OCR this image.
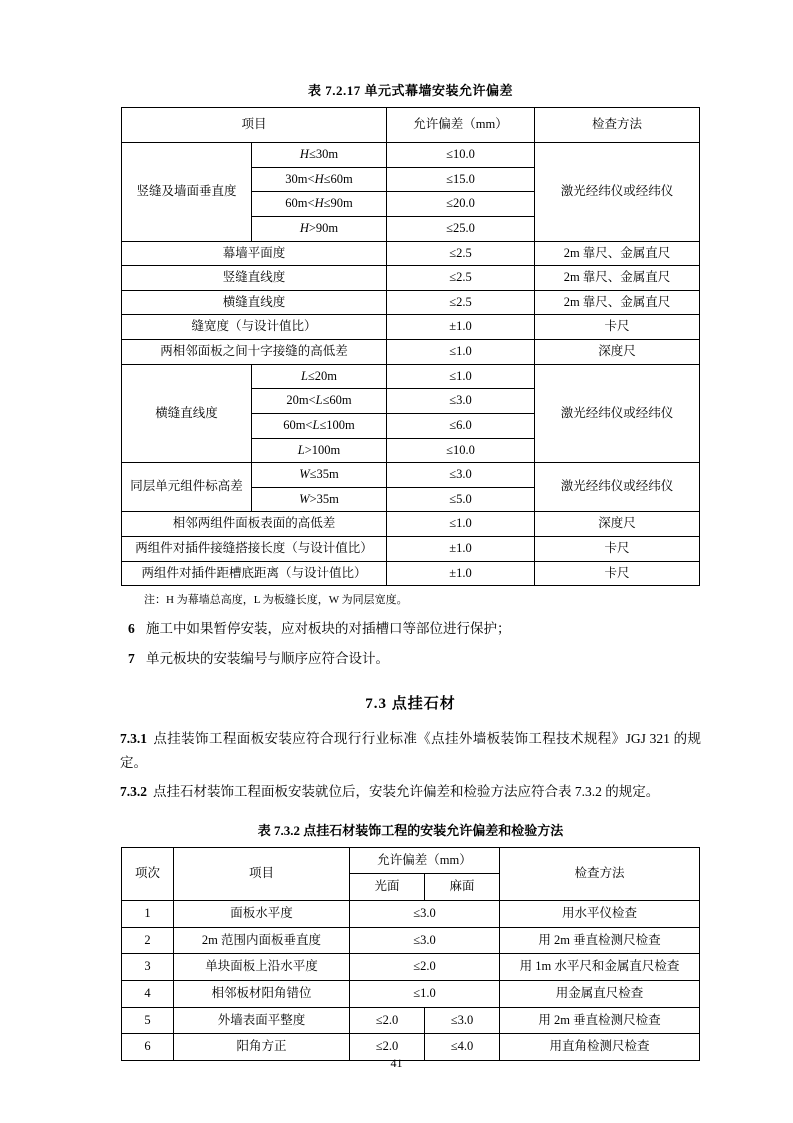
表 7.2.17 单元式幕墙安装允许偏差
项目		允许偏差（mm）	检查方法
竖缝及墙面垂直度	H≤30m	≤10.0	激光经纬仪或经纬仪
	30m<H≤60m	≤15.0	
	60m<H≤90m	≤20.0	
	H>90m	≤25.0	
幕墙平面度		≤2.5	2m 靠尺、金属直尺
竖缝直线度		≤2.5	2m 靠尺、金属直尺
横缝直线度		≤2.5	2m 靠尺、金属直尺
缝宽度（与设计值比）		±1.0	卡尺
两相邻面板之间十字接缝的高低差		≤1.0	深度尺
横缝直线度	L≤20m	≤1.0	激光经纬仪或经纬仪
	20m<L≤60m	≤3.0	
	60m<L≤100m	≤6.0	
	L>100m	≤10.0	
同层单元组件标高差	W≤35m	≤3.0	激光经纬仪或经纬仪
	W>35m	≤5.0	
相邻两组件面板表面的高低差		≤1.0	深度尺
两组件对插件接缝搭接长度（与设计值比）		±1.0	卡尺
两组件对插件距槽底距离（与设计值比）		±1.0	卡尺
注：H 为幕墙总高度，L 为板缝长度，W 为同层宽度。
6 施工中如果暂停安装，应对板块的对插槽口等部位进行保护；
7 单元板块的安装编号与顺序应符合设计。
7.3 点挂石材
7.3.1 点挂装饰工程面板安装应符合现行行业标准《点挂外墙板装饰工程技术规程》JGJ 321 的规定。
7.3.2 点挂石材装饰工程面板安装就位后，安装允许偏差和检验方法应符合表 7.3.2 的规定。
表 7.3.2 点挂石材装饰工程的安装允许偏差和检验方法
项次	项目	允许偏差（mm）		检查方法
		光面	麻面	
1	面板水平度	≤3.0		用水平仪检查
2	2m 范围内面板垂直度	≤3.0		用 2m 垂直检测尺检查
3	单块面板上沿水平度	≤2.0		用 1m 水平尺和金属直尺检查
4	相邻板材阳角错位	≤1.0		用金属直尺检查
5	外墙表面平整度	≤2.0	≤3.0	用 2m 垂直检测尺检查
6	阳角方正	≤2.0	≤4.0	用直角检测尺检查
41
